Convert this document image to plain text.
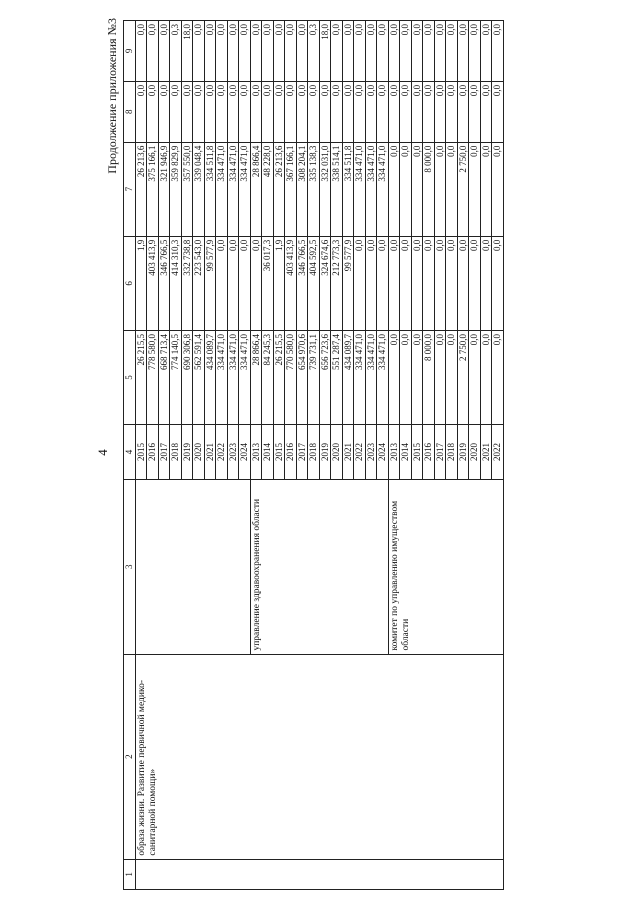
4
Продолжение приложения №3
1	2	3	4	5	6	7	8	9
	образа жизни. Развитие первичной медико-санитарной помощи»		2015	26 215,5	1,9	26 213,6	0,0	0,0
			2016	778 580,0	403 413,9	375 166,1	0,0	0,0
			2017	668 713,4	346 766,5	321 946,9	0,0	0,0
			2018	774 140,5	414 310,3	359 829,9	0,0	0,3
			2019	690 306,8	332 738,8	357 550,0	0,0	18,0
			2020	562 591,4	223 543,0	339 048,4	0,0	0,0
			2021	434 089,7	99 577,9	334 511,8	0,0	0,0
			2022	334 471,0	0,0	334 471,0	0,0	0,0
			2023	334 471,0	0,0	334 471,0	0,0	0,0
			2024	334 471,0	0,0	334 471,0	0,0	0,0
		управление здравоохранения области	2013	28 866,4	0,0	28 866,4	0,0	0,0
			2014	84 245,3	36 017,3	48 228,0	0,0	0,0
			2015	26 215,5	1,9	26 213,6	0,0	0,0
			2016	770 580,0	403 413,9	367 166,1	0,0	0,0
			2017	654 970,6	346 766,5	308 204,1	0,0	0,0
			2018	739 731,1	404 592,5	335 138,3	0,0	0,3
			2019	656 723,6	324 674,6	332 031,0	0,0	18,0
			2020	551 287,4	212 773,3	338 514,1	0,0	0,0
			2021	434 089,7	99 577,9	334 511,8	0,0	0,0
			2022	334 471,0	0,0	334 471,0	0,0	0,0
			2023	334 471,0	0,0	334 471,0	0,0	0,0
			2024	334 471,0	0,0	334 471,0	0,0	0,0
		комитет по управлению имуществом области	2013	0,0	0,0	0,0	0,0	0,0
			2014	0,0	0,0	0,0	0,0	0,0
			2015	0,0	0,0	0,0	0,0	0,0
			2016	8 000,0	0,0	8 000,0	0,0	0,0
			2017	0,0	0,0	0,0	0,0	0,0
			2018	0,0	0,0	0,0	0,0	0,0
			2019	2 750,0	0,0	2 750,0	0,0	0,0
			2020	0,0	0,0	0,0	0,0	0,0
			2021	0,0	0,0	0,0	0,0	0,0
			2022	0,0	0,0	0,0	0,0	0,0
